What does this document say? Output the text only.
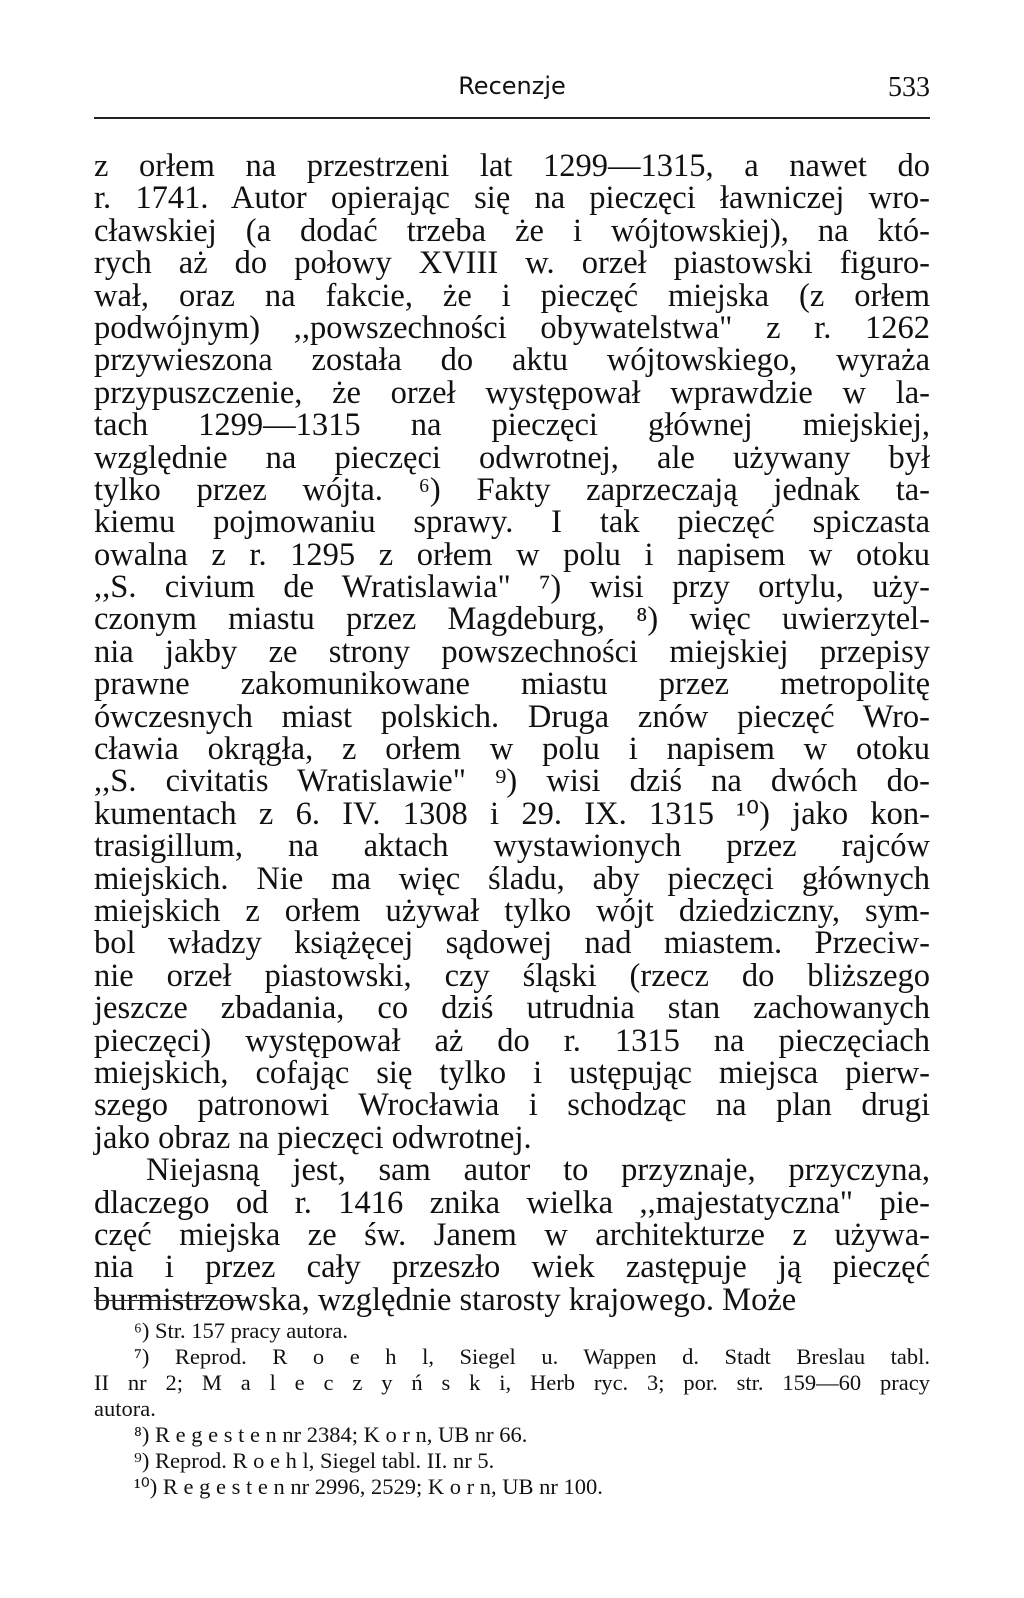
Recenzje	533
z orłem na przestrzeni lat 1299—1315, a nawet do
r. 1741. Autor opierając się na pieczęci ławniczej wro-
cławskiej (a dodać trzeba że i wójtowskiej), na któ-
rych aż do połowy XVIII w. orzeł piastowski figuro-
wał, oraz na fakcie, że i pieczęć miejska (z orłem
podwójnym) ,,powszechności obywatelstwa" z r. 1262
przywieszona została do aktu wójtowskiego, wyraża
przypuszczenie, że orzeł występował wprawdzie w la-
tach 1299—1315 na pieczęci głównej miejskiej,
względnie na pieczęci odwrotnej, ale używany był
tylko przez wójta. ⁶) Fakty zaprzeczają jednak ta-
kiemu pojmowaniu sprawy. I tak pieczęć spiczasta
owalna z r. 1295 z orłem w polu i napisem w otoku
,,S. civium de Wratislawia" ⁷) wisi przy ortylu, uży-
czonym miastu przez Magdeburg, ⁸) więc uwierzytel-
nia jakby ze strony powszechności miejskiej przepisy
prawne zakomunikowane miastu przez metropolitę
ówczesnych miast polskich. Druga znów pieczęć Wro-
cławia okrągła, z orłem w polu i napisem w otoku
,,S. civitatis Wratislawie" ⁹) wisi dziś na dwóch do-
kumentach z 6. IV. 1308 i 29. IX. 1315 ¹⁰) jako kon-
trasigillum, na aktach wystawionych przez rajców
miejskich. Nie ma więc śladu, aby pieczęci głównych
miejskich z orłem używał tylko wójt dziedziczny, sym-
bol władzy książęcej sądowej nad miastem. Przeciw-
nie orzeł piastowski, czy śląski (rzecz do bliższego
jeszcze zbadania, co dziś utrudnia stan zachowanych
pieczęci) występował aż do r. 1315 na pieczęciach
miejskich, cofając się tylko i ustępując miejsca pierw-
szego patronowi Wrocławia i schodząc na plan drugi
jako obraz na pieczęci odwrotnej.
Niejasną jest, sam autor to przyznaje, przyczyna,
dlaczego od r. 1416 znika wielka ,,majestatyczna" pie-
częć miejska ze św. Janem w architekturze z używa-
nia i przez cały przeszło wiek zastępuje ją pieczęć
burmistrzowska, względnie starosty krajowego. Może
⁶) Str. 157 pracy autora.
⁷) Reprod. R o e h l, Siegel u. Wappen d. Stadt Breslau tabl.
II nr 2; M a l e c z y ń s k i, Herb ryc. 3; por. str. 159—60 pracy
autora.
⁸) R e g e s t e n nr 2384; K o r n, UB nr 66.
⁹) Reprod. R o e h l, Siegel tabl. II. nr 5.
¹⁰) R e g e s t e n nr 2996, 2529; K o r n, UB nr 100.
